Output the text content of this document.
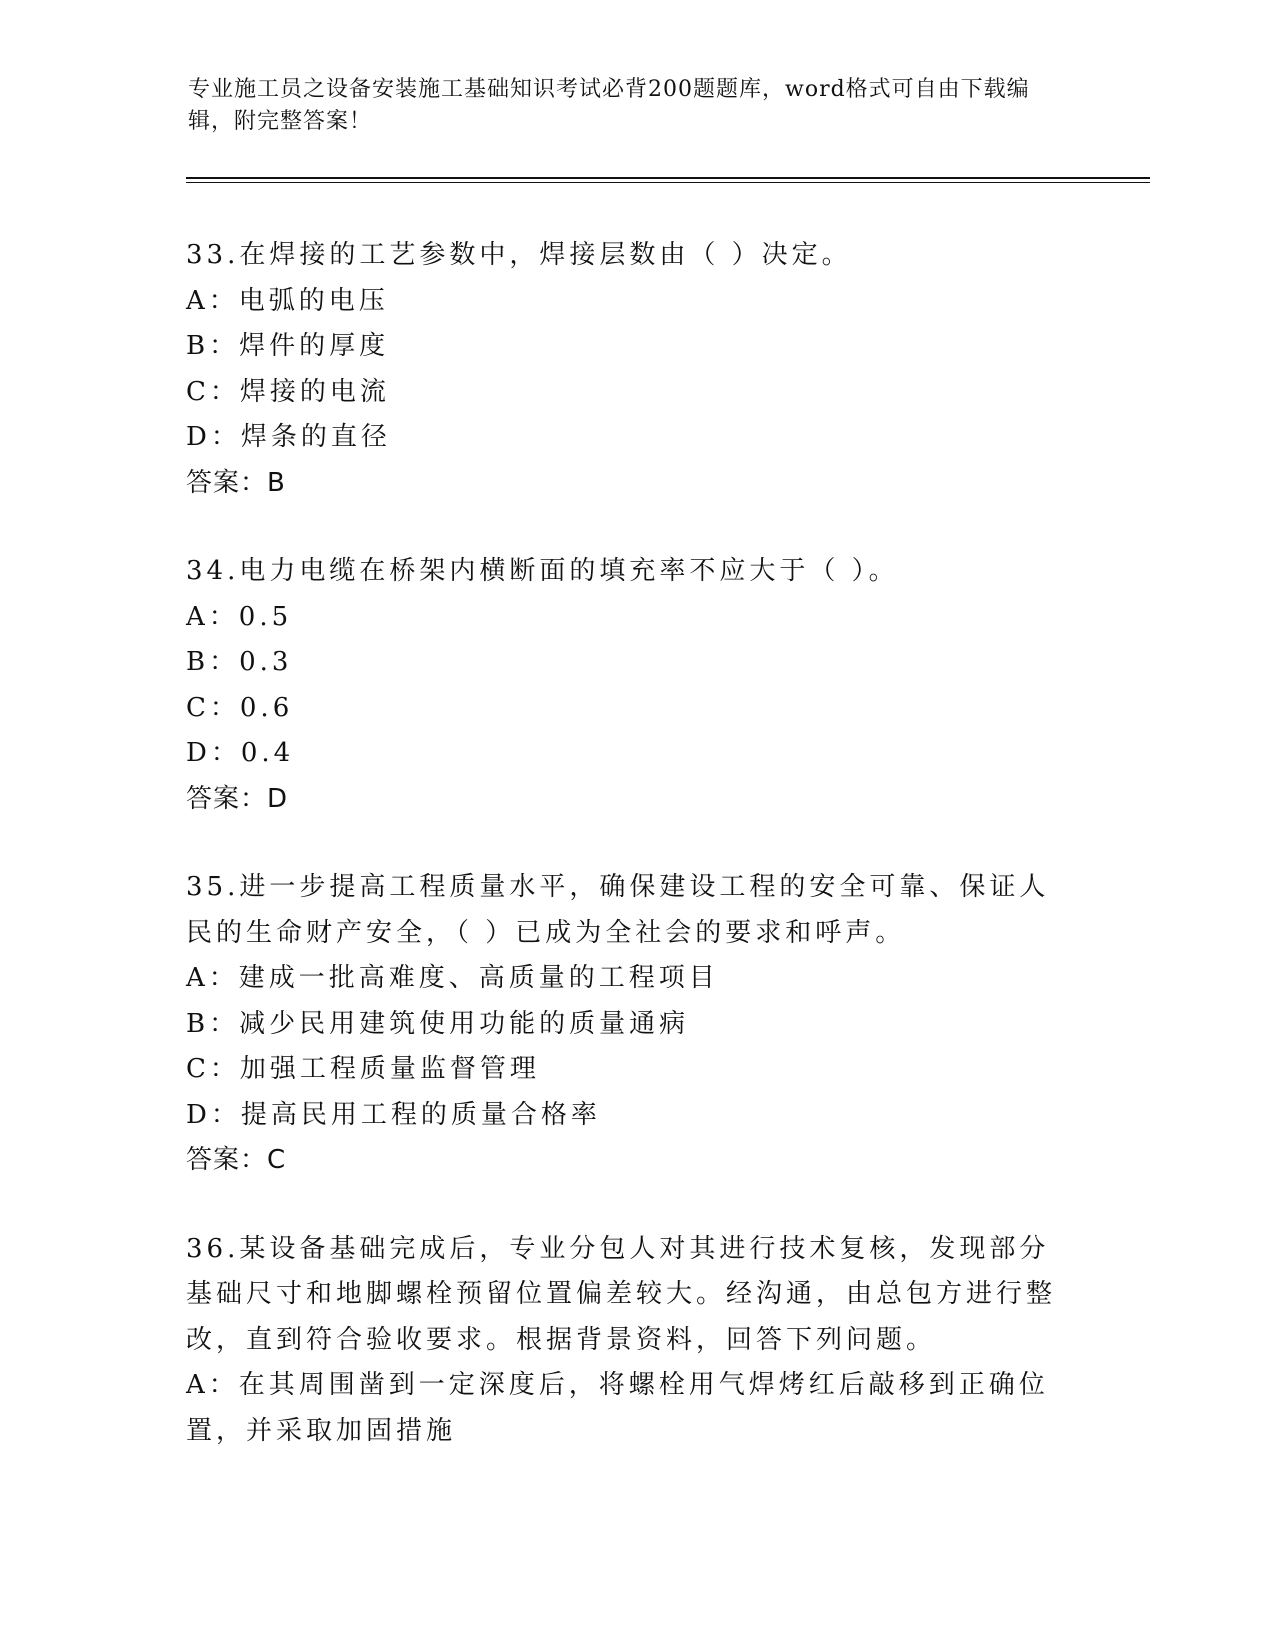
专业施工员之设备安装施工基础知识考试必背200题题库，word格式可自由下载编辑，附完整答案！
33.在焊接的工艺参数中，焊接层数由（ ）决定。
A：电弧的电压
B：焊件的厚度
C：焊接的电流
D：焊条的直径
答案：B
34.电力电缆在桥架内横断面的填充率不应大于（ ）。
A：0.5
B：0.3
C：0.6
D：0.4
答案：D
35.进一步提高工程质量水平，确保建设工程的安全可靠、保证人民的生命财产安全，（ ）已成为全社会的要求和呼声。
A：建成一批高难度、高质量的工程项目
B：减少民用建筑使用功能的质量通病
C：加强工程质量监督管理
D：提高民用工程的质量合格率
答案：C
36.某设备基础完成后，专业分包人对其进行技术复核，发现部分基础尺寸和地脚螺栓预留位置偏差较大。经沟通，由总包方进行整改，直到符合验收要求。根据背景资料，回答下列问题。
A：在其周围凿到一定深度后，将螺栓用气焊烤红后敲移到正确位置，并采取加固措施
